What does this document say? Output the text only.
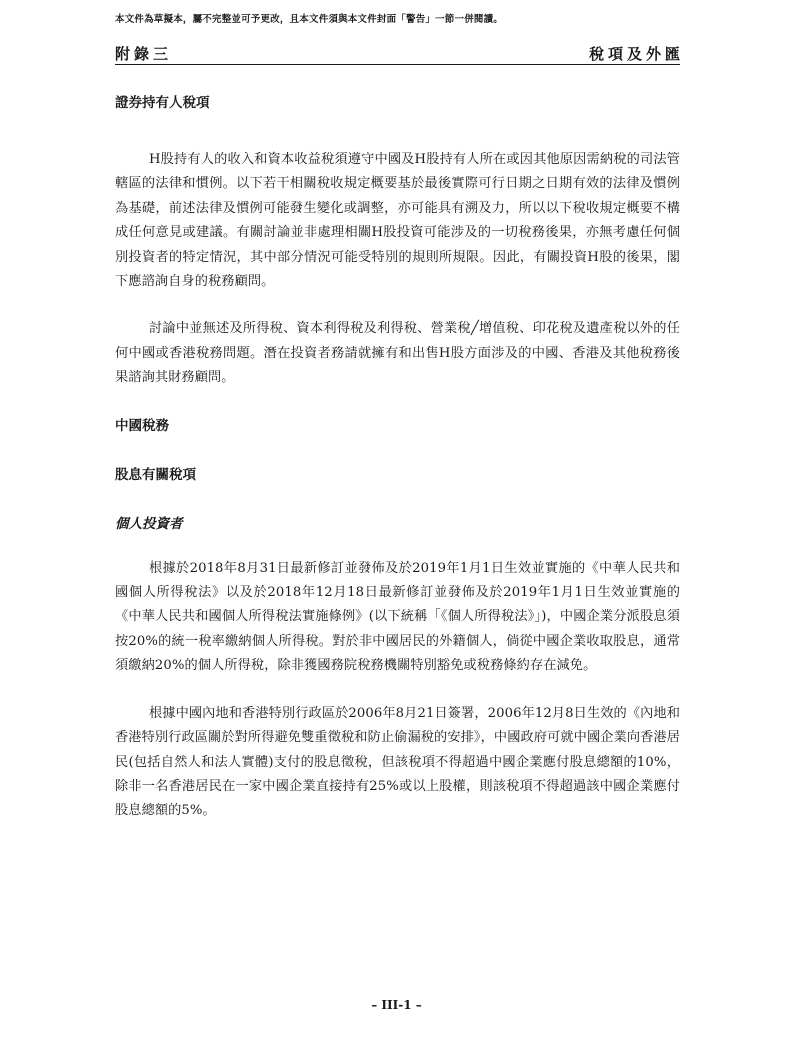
本文件為草擬本，屬不完整並可予更改，且本文件須與本文件封面「警告」一節一併閱讀。
附錄三	稅項及外匯
證券持有人稅項

H股持有人的收入和資本收益稅須遵守中國及H股持有人所在或因其他原因需納稅的司法管轄區的法律和慣例。以下若干相關稅收規定概要基於最後實際可行日期之日期有效的法律及慣例為基礎，前述法律及慣例可能發生變化或調整，亦可能具有溯及力，所以以下稅收規定概要不構成任何意見或建議。有關討論並非處理相關H股投資可能涉及的一切稅務後果，亦無考慮任何個別投資者的特定情況，其中部分情況可能受特別的規則所規限。因此，有關投資H股的後果，閣下應諮詢自身的稅務顧問。

討論中並無述及所得稅、資本利得稅及利得稅、營業稅╱增值稅、印花稅及遺產稅以外的任何中國或香港稅務問題。潛在投資者務請就擁有和出售H股方面涉及的中國、香港及其他稅務後果諮詢其財務顧問。

中國稅務
股息有關稅項
個人投資者

根據於2018年8月31日最新修訂並發佈及於2019年1月1日生效並實施的《中華人民共和國個人所得稅法》以及於2018年12月18日最新修訂並發佈及於2019年1月1日生效並實施的《中華人民共和國個人所得稅法實施條例》(以下統稱「《個人所得稅法》」)，中國企業分派股息須按20%的統一稅率繳納個人所得稅。對於非中國居民的外籍個人，倘從中國企業收取股息，通常須繳納20%的個人所得稅，除非獲國務院稅務機關特別豁免或稅務條約存在減免。

根據中國內地和香港特別行政區於2006年8月21日簽署，2006年12月8日生效的《內地和香港特別行政區關於對所得避免雙重徵稅和防止偷漏稅的安排》，中國政府可就中國企業向香港居民(包括自然人和法人實體)支付的股息徵稅，但該稅項不得超過中國企業應付股息總額的10%，除非一名香港居民在一家中國企業直接持有25%或以上股權，則該稅項不得超過該中國企業應付股息總額的5%。

– III-1 –
